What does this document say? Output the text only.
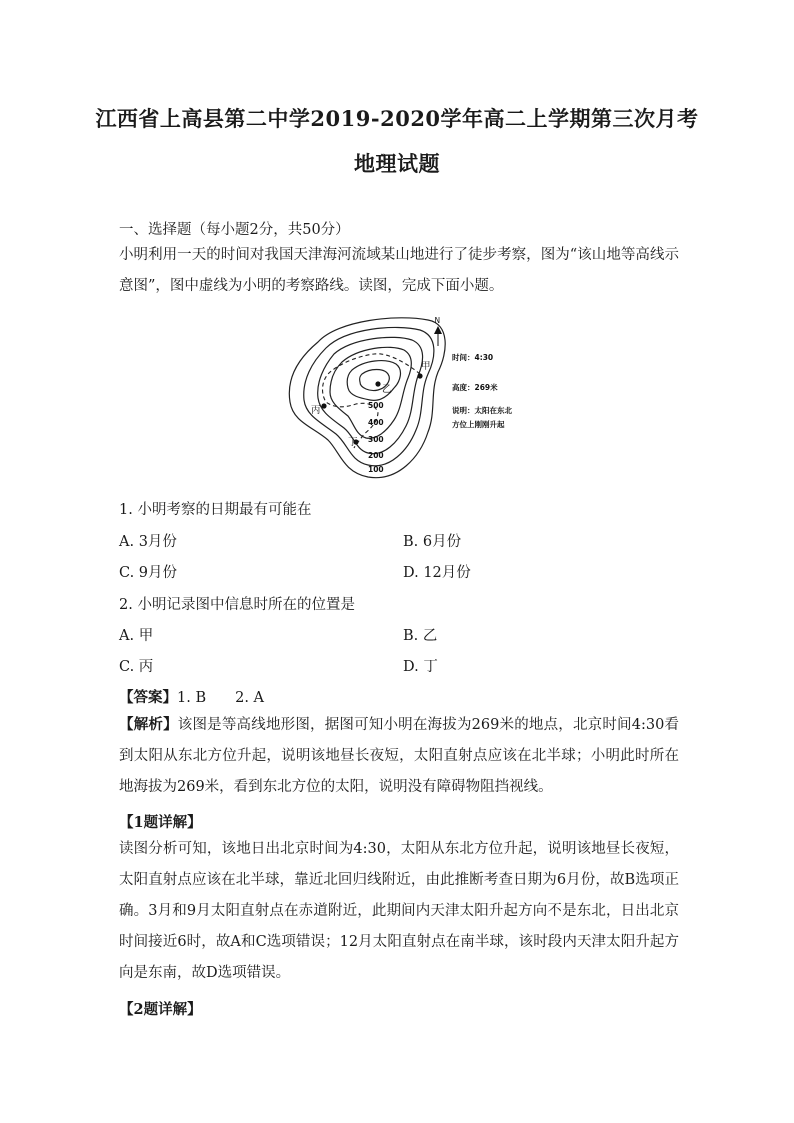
江西省上高县第二中学2019-2020学年高二上学期第三次月考
地理试题
一、选择题（每小题2分，共50分）
小明利用一天的时间对我国天津海河流域某山地进行了徒步考察，图为“该山地等高线示意图”，图中虚线为小明的考察路线。读图，完成下面小题。
乙
甲
丙
丁
500
400
300
200
100
N
时间：4:30
高度：269米
说明：太阳在东北
方位上刚刚升起
1. 小明考察的日期最有可能在
A. 3月份	B. 6月份
C. 9月份	D. 12月份
2. 小明记录图中信息时所在的位置是
A. 甲	B. 乙
C. 丙	D. 丁
【答案】1. B　　2. A
【解析】该图是等高线地形图，据图可知小明在海拔为269米的地点，北京时间4:30看到太阳从东北方位升起，说明该地昼长夜短，太阳直射点应该在北半球；小明此时所在地海拔为269米，看到东北方位的太阳，说明没有障碍物阻挡视线。
【1题详解】
读图分析可知，该地日出北京时间为4:30，太阳从东北方位升起，说明该地昼长夜短，太阳直射点应该在北半球，靠近北回归线附近，由此推断考查日期为6月份，故B选项正确。3月和9月太阳直射点在赤道附近，此期间内天津太阳升起方向不是东北，日出北京时间接近6时，故A和C选项错误；12月太阳直射点在南半球，该时段内天津太阳升起方向是东南，故D选项错误。
【2题详解】
